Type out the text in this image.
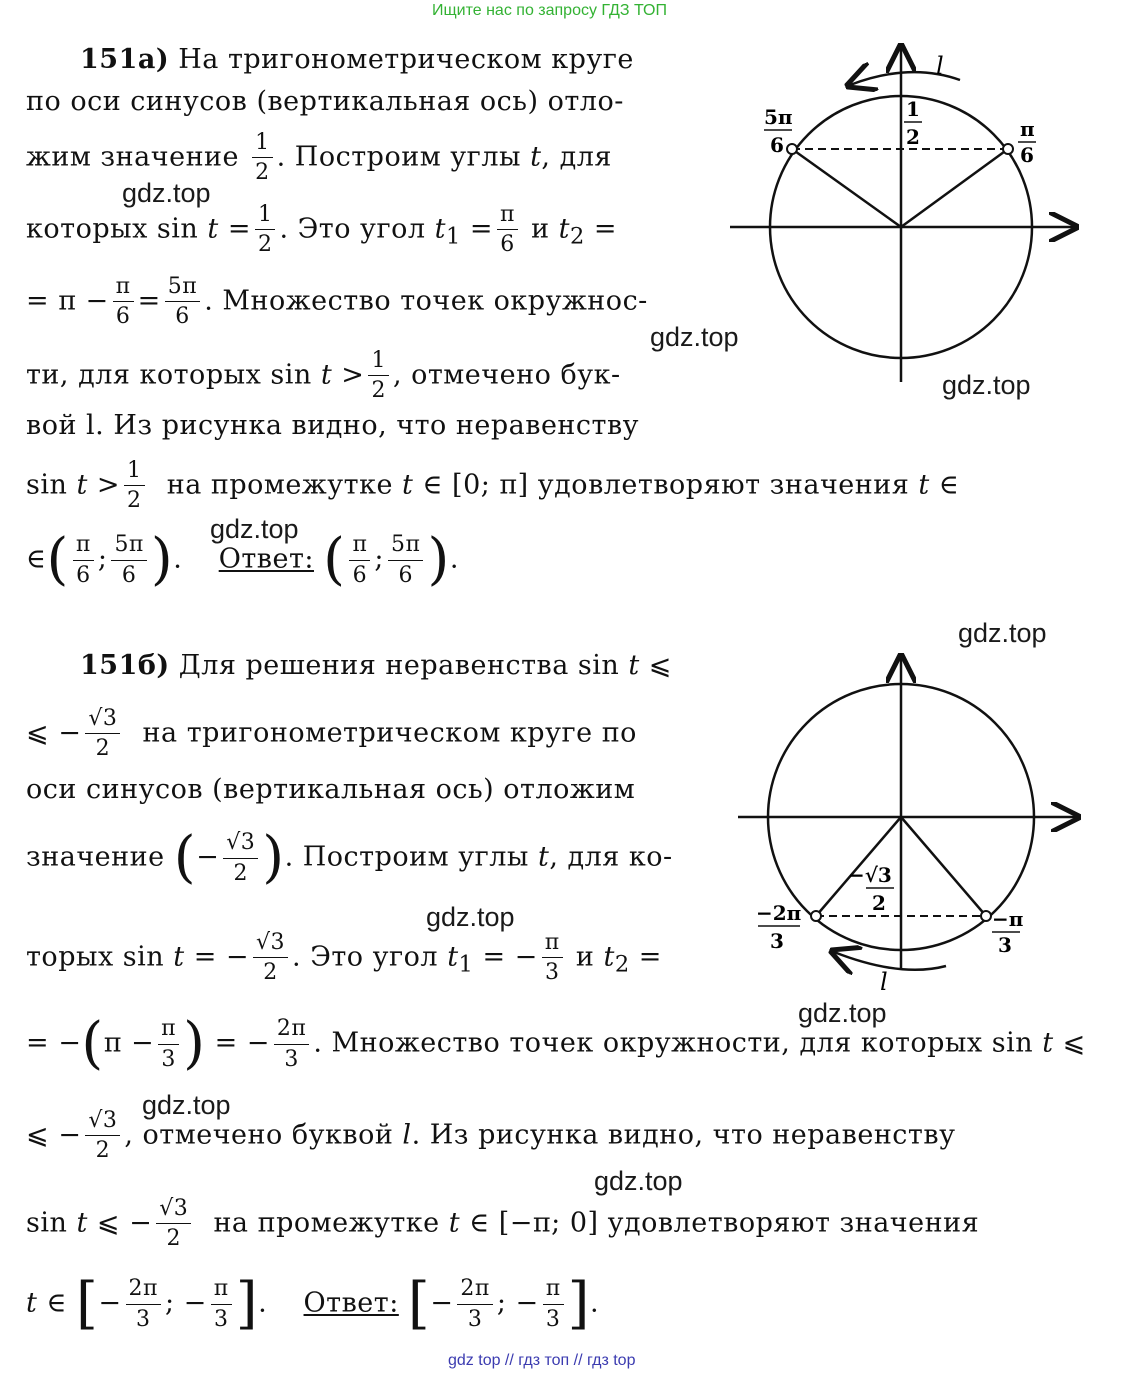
Ищите нас по запросу ГДЗ ТОП
151а) На тригонометрическом круге
по оси синусов (вертикальная ось) отло-
жим значение $\frac{1}{2}$ . Построим углы t, для
которых $\sin t = \frac{1}{2}$ . Это угол $t_1 = \frac{\pi}{6}$ и $t_2$ =
= $\pi - \frac{\pi}{6} = \frac{5\pi}{6}$ . Множество точек окружнос-
ти, для которых $\sin t > \frac{1}{2}$ , отмечено бук-
вой l. Из рисунка видно, что неравенству
$\sin t > \frac{1}{2}$ на промежутке t ∈ [0; π] удовлетворяют значения t ∈
∈( $\frac{\pi}{6}$ ; $\frac{5\pi}{6}$ ).    Ответ: ( $\frac{\pi}{6}$ ; $\frac{5\pi}{6}$ ).
l
1
2
5π
6
π
6
151б) Для решения неравенства sin t ⩽
⩽ − $\frac{√3}{2}$ на тригонометрическом круге по
оси синусов (вертикальная ось) отложим
значение (− $\frac{√3}{2}$ ). Построим углы t, для ко-
торых sin t = − $\frac{√3}{2}$ . Это угол $t_1$ = − $\frac{\pi}{3}$ и $t_2$ =
= $-(\pi - \frac{\pi}{3}$ ) = − $\frac{2\pi}{3}$ . Множество точек окружности, для которых sin t ⩽
⩽ − $\frac{√3}{2}$ , отмечено буквой l. Из рисунка видно, что неравенству
sin t ⩽ − $\frac{√3}{2}$ на промежутке t ∈ [−π; 0] удовлетворяют значения
t ∈ [− $\frac{2\pi}{3}$ ; − $\frac{\pi}{3}$ ].    Ответ: [− $\frac{2\pi}{3}$ ; − $\frac{\pi}{3}$ ].
l
−√3
2
−2π
3
−π
3
gdz.top
gdz.top
gdz.top
gdz.top
gdz.top
gdz.top
gdz.top
gdz.top
gdz.top
gdz top // гдз топ // гдз top
